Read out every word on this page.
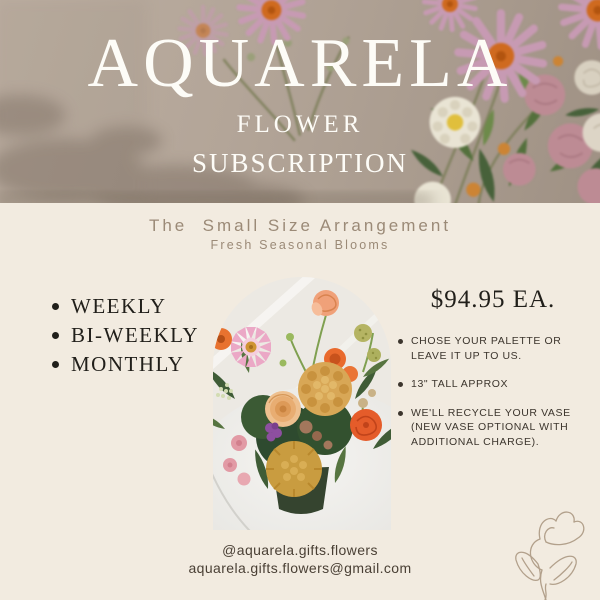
AQUARELA
FLOWER
SUBSCRIPTION
The  Small Size Arrangement
Fresh Seasonal Blooms
WEEKLY
BI-WEEKLY
MONTHLY
$94.95 EA.
CHOSE YOUR PALETTE OR LEAVE IT UP TO US.
13" TALL APPROX
WE'LL RECYCLE YOUR VASE (NEW VASE OPTIONAL WITH ADDITIONAL CHARGE).
@aquarela.gifts.flowers
aquarela.gifts.flowers@gmail.com
